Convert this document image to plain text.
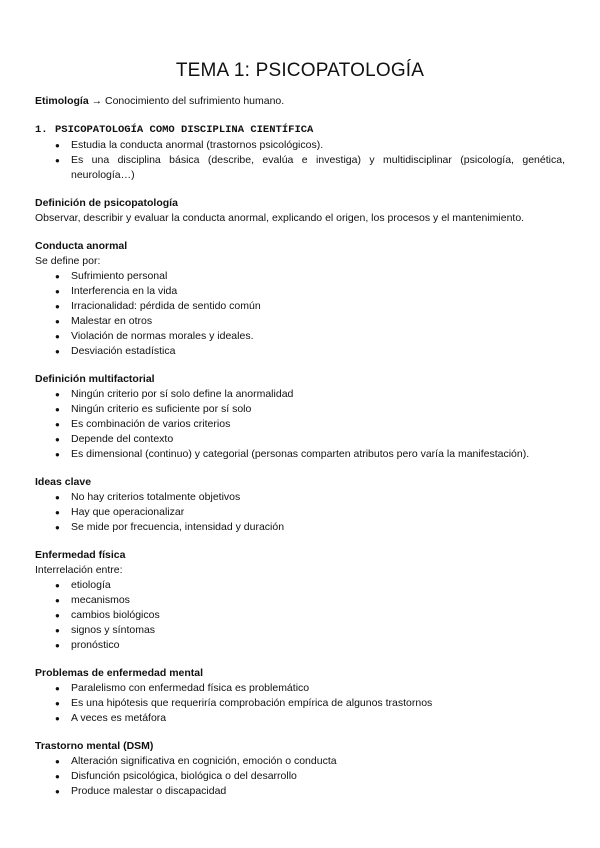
TEMA 1: PSICOPATOLOGÍA

Etimología → Conocimiento del sufrimiento humano.

1. PSICOPATOLOGÍA COMO DISCIPLINA CIENTÍFICA
● Estudia la conducta anormal (trastornos psicológicos).
● Es una disciplina básica (describe, evalúa e investiga) y multidisciplinar (psicología, genética, neurología…)

Definición de psicopatología

Observar, describir y evaluar la conducta anormal, explicando el origen, los procesos y el mantenimiento.

Conducta anormal

Se define por:

● Sufrimiento personal
● Interferencia en la vida
● Irracionalidad: pérdida de sentido común
● Malestar en otros
● Violación de normas morales y ideales.
● Desviación estadística

Definición multifactorial

● Ningún criterio por sí solo define la anormalidad
● Ningún criterio es suficiente por sí solo
● Es combinación de varios criterios
● Depende del contexto
● Es dimensional (continuo) y categorial (personas comparten atributos pero varía la manifestación).

Ideas clave

● No hay criterios totalmente objetivos
● Hay que operacionalizar
● Se mide por frecuencia, intensidad y duración

Enfermedad física

Interrelación entre:

● etiología
● mecanismos
● cambios biológicos
● signos y síntomas
● pronóstico

Problemas de enfermedad mental

● Paralelismo con enfermedad física es problemático
● Es una hipótesis que requeriría comprobación empírica de algunos trastornos
● A veces es metáfora

Trastorno mental (DSM)

● Alteración significativa en cognición, emoción o conducta
● Disfunción psicológica, biológica o del desarrollo
● Produce malestar o discapacidad
